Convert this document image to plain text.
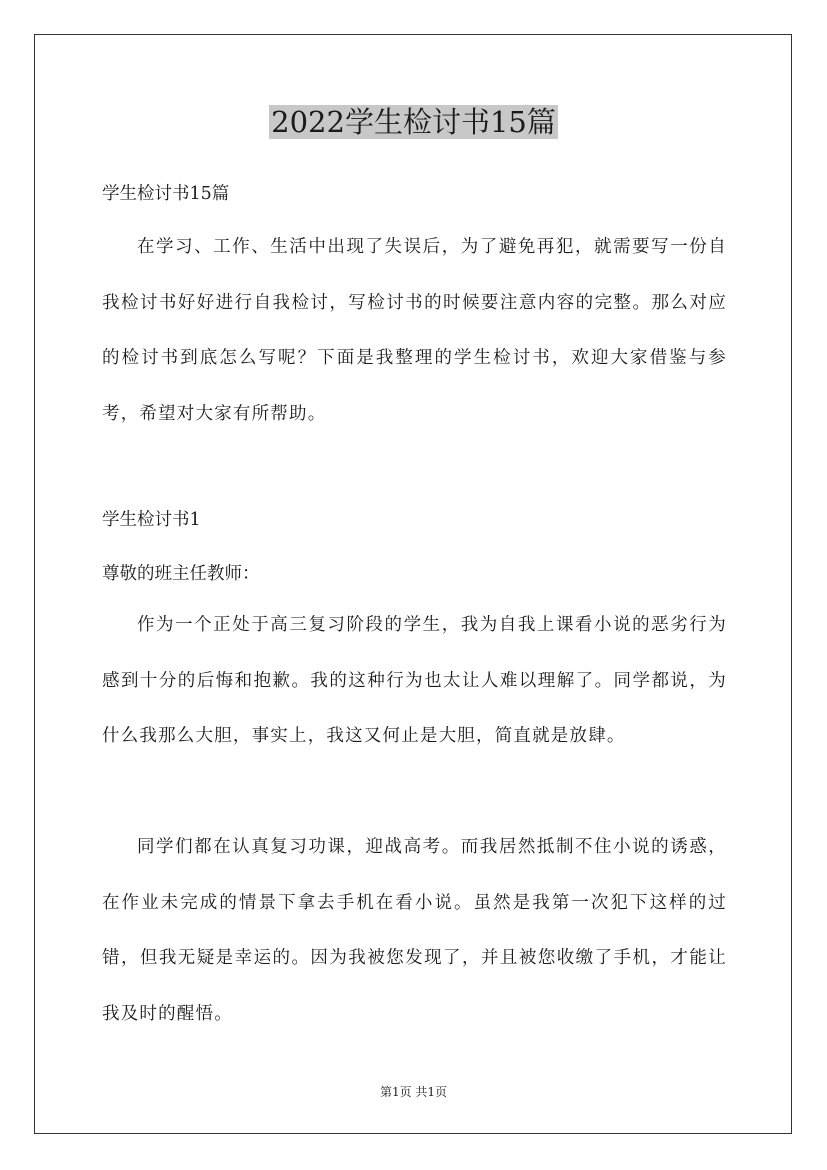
2022学生检讨书15篇

学生检讨书15篇

在学习、工作、生活中出现了失误后，为了避免再犯，就需要写一份自我检讨书好好进行自我检讨，写检讨书的时候要注意内容的完整。那么对应的检讨书到底怎么写呢？下面是我整理的学生检讨书，欢迎大家借鉴与参考，希望对大家有所帮助。

学生检讨书1

尊敬的班主任教师：

作为一个正处于高三复习阶段的学生，我为自我上课看小说的恶劣行为感到十分的后悔和抱歉。我的这种行为也太让人难以理解了。同学都说，为什么我那么大胆，事实上，我这又何止是大胆，简直就是放肆。

同学们都在认真复习功课，迎战高考。而我居然抵制不住小说的诱惑，在作业未完成的情景下拿去手机在看小说。虽然是我第一次犯下这样的过错，但我无疑是幸运的。因为我被您发现了，并且被您收缴了手机，才能让我及时的醒悟。

第1页 共1页
